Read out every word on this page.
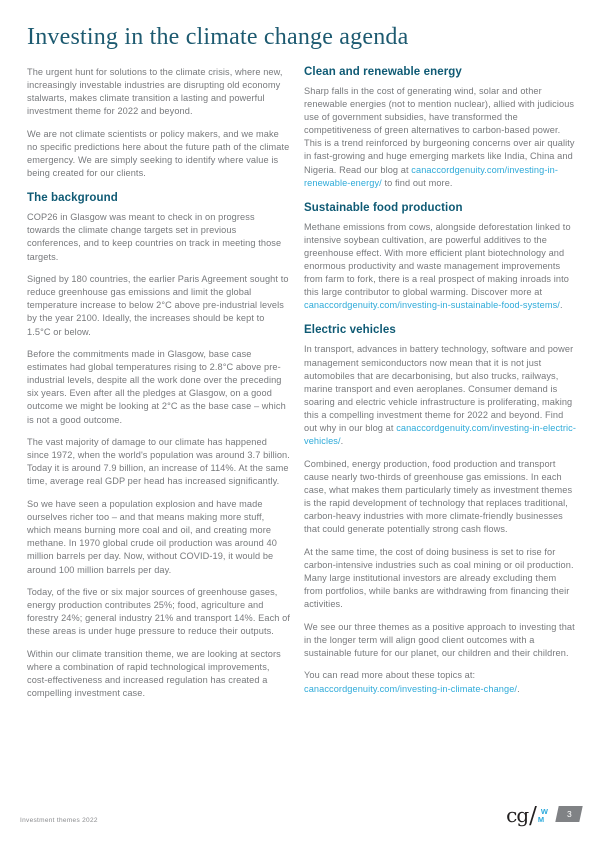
Investing in the climate change agenda

The urgent hunt for solutions to the climate crisis, where new, increasingly investable industries are disrupting old economy stalwarts, makes climate transition a lasting and powerful investment theme for 2022 and beyond.

We are not climate scientists or policy makers, and we make no specific predictions here about the future path of the climate emergency. We are simply seeking to identify where value is being created for our clients.

The background

COP26 in Glasgow was meant to check in on progress towards the climate change targets set in previous conferences, and to keep countries on track in meeting those targets.

Signed by 180 countries, the earlier Paris Agreement sought to reduce greenhouse gas emissions and limit the global temperature increase to below 2°C above pre-industrial levels by the year 2100. Ideally, the increases should be kept to 1.5°C or below.

Before the commitments made in Glasgow, base case estimates had global temperatures rising to 2.8°C above pre-industrial levels, despite all the work done over the preceding six years. Even after all the pledges at Glasgow, on a good outcome we might be looking at 2°C as the base case – which is not a good outcome.

The vast majority of damage to our climate has happened since 1972, when the world's population was around 3.7 billion. Today it is around 7.9 billion, an increase of 114%. At the same time, average real GDP per head has increased significantly.

So we have seen a population explosion and have made ourselves richer too – and that means making more stuff, which means burning more coal and oil, and creating more methane. In 1970 global crude oil production was around 40 million barrels per day. Now, without COVID-19, it would be around 100 million barrels per day.

Today, of the five or six major sources of greenhouse gases, energy production contributes 25%; food, agriculture and forestry 24%; general industry 21% and transport 14%. Each of these areas is under huge pressure to reduce their outputs.

Within our climate transition theme, we are looking at sectors where a combination of rapid technological improvements, cost-effectiveness and increased regulation has created a compelling investment case.

Clean and renewable energy

Sharp falls in the cost of generating wind, solar and other renewable energies (not to mention nuclear), allied with judicious use of government subsidies, have transformed the competitiveness of green alternatives to carbon-based power. This is a trend reinforced by burgeoning concerns over air quality in fast-growing and huge emerging markets like India, China and Nigeria. Read our blog at canaccordgenuity.com/investing-in-renewable-energy/ to find out more.

Sustainable food production

Methane emissions from cows, alongside deforestation linked to intensive soybean cultivation, are powerful additives to the greenhouse effect. With more efficient plant biotechnology and enormous productivity and waste management improvements from farm to fork, there is a real prospect of making inroads into this large contributor to global warming. Discover more at canaccordgenuity.com/investing-in-sustainable-food-systems/.

Electric vehicles

In transport, advances in battery technology, software and power management semiconductors now mean that it is not just automobiles that are decarbonising, but also trucks, railways, marine transport and even aeroplanes. Consumer demand is soaring and electric vehicle infrastructure is proliferating, making this a compelling investment theme for 2022 and beyond. Find out why in our blog at canaccordgenuity.com/investing-in-electric-vehicles/.

Combined, energy production, food production and transport cause nearly two-thirds of greenhouse gas emissions. In each case, what makes them particularly timely as investment themes is the rapid development of technology that replaces traditional, carbon-heavy industries with more climate-friendly businesses that could generate potentially strong cash flows.

At the same time, the cost of doing business is set to rise for carbon-intensive industries such as coal mining or oil production. Many large institutional investors are already excluding them from portfolios, while banks are withdrawing from financing their activities.

We see our three themes as a positive approach to investing that in the longer term will align good client outcomes with a sustainable future for our planet, our children and their children.

You can read more about these topics at: canaccordgenuity.com/investing-in-climate-change/.

Investment themes 2022	cg / W
M	3
